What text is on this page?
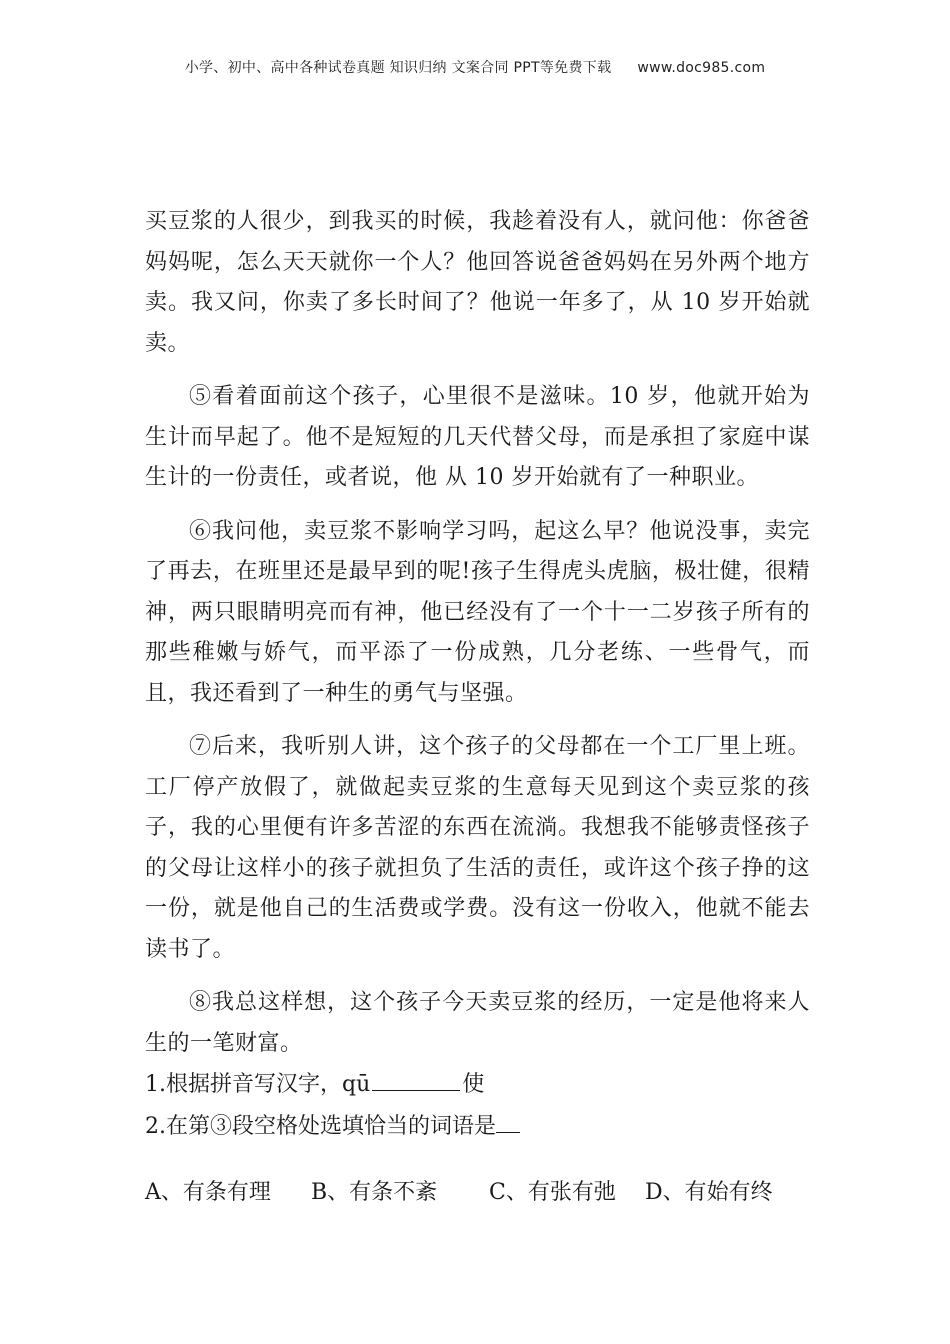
小学、初中、高中各种试卷真题 知识归纳 文案合同 PPT等免费下载 www.doc985.com

买豆浆的人很少，到我买的时候，我趁着没有人，就问他：你爸爸妈妈呢，怎么天天就你一个人？他回答说爸爸妈妈在另外两个地方卖。我又问，你卖了多长时间了？他说一年多了，从 10 岁开始就卖。

⑤看着面前这个孩子，心里很不是滋味。10 岁，他就开始为生计而早起了。他不是短短的几天代替父母，而是承担了家庭中谋生计的一份责任，或者说，他 从 10 岁开始就有了一种职业。

⑥我问他，卖豆浆不影响学习吗，起这么早？他说没事，卖完了再去，在班里还是最早到的呢!孩子生得虎头虎脑，极壮健，很精神，两只眼睛明亮而有神，他已经没有了一个十一二岁孩子所有的那些稚嫩与娇气，而平添了一份成熟，几分老练、一些骨气，而且，我还看到了一种生的勇气与坚强。

⑦后来，我听别人讲，这个孩子的父母都在一个工厂里上班。工厂停产放假了，就做起卖豆浆的生意每天见到这个卖豆浆的孩子，我的心里便有许多苦涩的东西在流淌。我想我不能够责怪孩子的父母让这样小的孩子就担负了生活的责任，或许这个孩子挣的这一份，就是他自己的生活费或学费。没有这一份收入，他就不能去读书了。

⑧我总这样想，这个孩子今天卖豆浆的经历，一定是他将来人生的一笔财富。

1.根据拼音写汉字，qū	使
2.在第③段空格处选填恰当的词语是
A、有条有理	B、有条不紊	C、有张有弛	D、有始有终
